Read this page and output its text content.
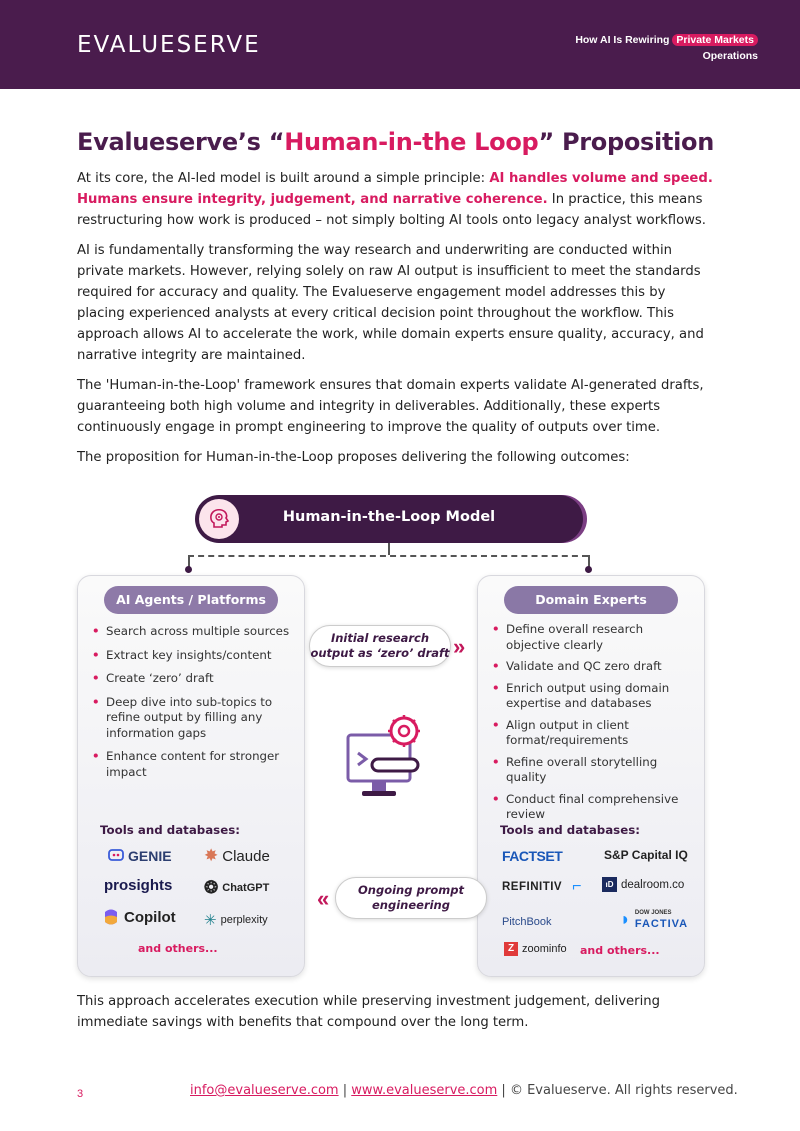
EVALUESERVE	How AI Is Rewiring Private Markets
Operations
Evalueserve’s “Human-in-the Loop” Proposition

At its core, the AI-led model is built around a simple principle: AI handles volume and speed. Humans ensure integrity, judgement, and narrative coherence. In practice, this means restructuring how work is produced – not simply bolting AI tools onto legacy analyst workflows.

AI is fundamentally transforming the way research and underwriting are conducted within private markets. However, relying solely on raw AI output is insufficient to meet the standards required for accuracy and quality. The Evalueserve engagement model addresses this by placing experienced analysts at every critical decision point throughout the workflow. This approach allows AI to accelerate the work, while domain experts ensure quality, accuracy, and narrative integrity are maintained.

The 'Human-in-the-Loop' framework ensures that domain experts validate AI-generated drafts, guaranteeing both high volume and integrity in deliverables. Additionally, these experts continuously engage in prompt engineering to improve the quality of outputs over time.

The proposition for Human-in-the-Loop proposes delivering the following outcomes:

Human-in-the-Loop Model
AI Agents / Platforms
• Search across multiple sources
• Extract key insights/content
• Create ‘zero’ draft
• Deep dive into sub-topics to refine output by filling any information gaps
• Enhance content for stronger impact
Tools and databases:
GENIE ✸ Claude
prosights ❂ ChatGPT
Copilot ✳ perplexity
and others...
Domain Experts
• Define overall research objective clearly
• Validate and QC zero draft
• Enrich output using domain expertise and databases
• Align output in client format/requirements
• Refine overall storytelling quality
• Conduct final comprehensive review
Tools and databases:
FACTSET	S&P Capital IQ
REFINITIV ⌐	ıD dealroom.co
PitchBook	◗ DOW JONES
FACTIVA
Z zoominfo and others...
Initial research output as ‘zero’ draft »
Ongoing prompt engineering
«

This approach accelerates execution while preserving investment judgement, delivering immediate savings with benefits that compound over the long term.

3	info@evalueserve.com | www.evalueserve.com | © Evalueserve. All rights reserved.
